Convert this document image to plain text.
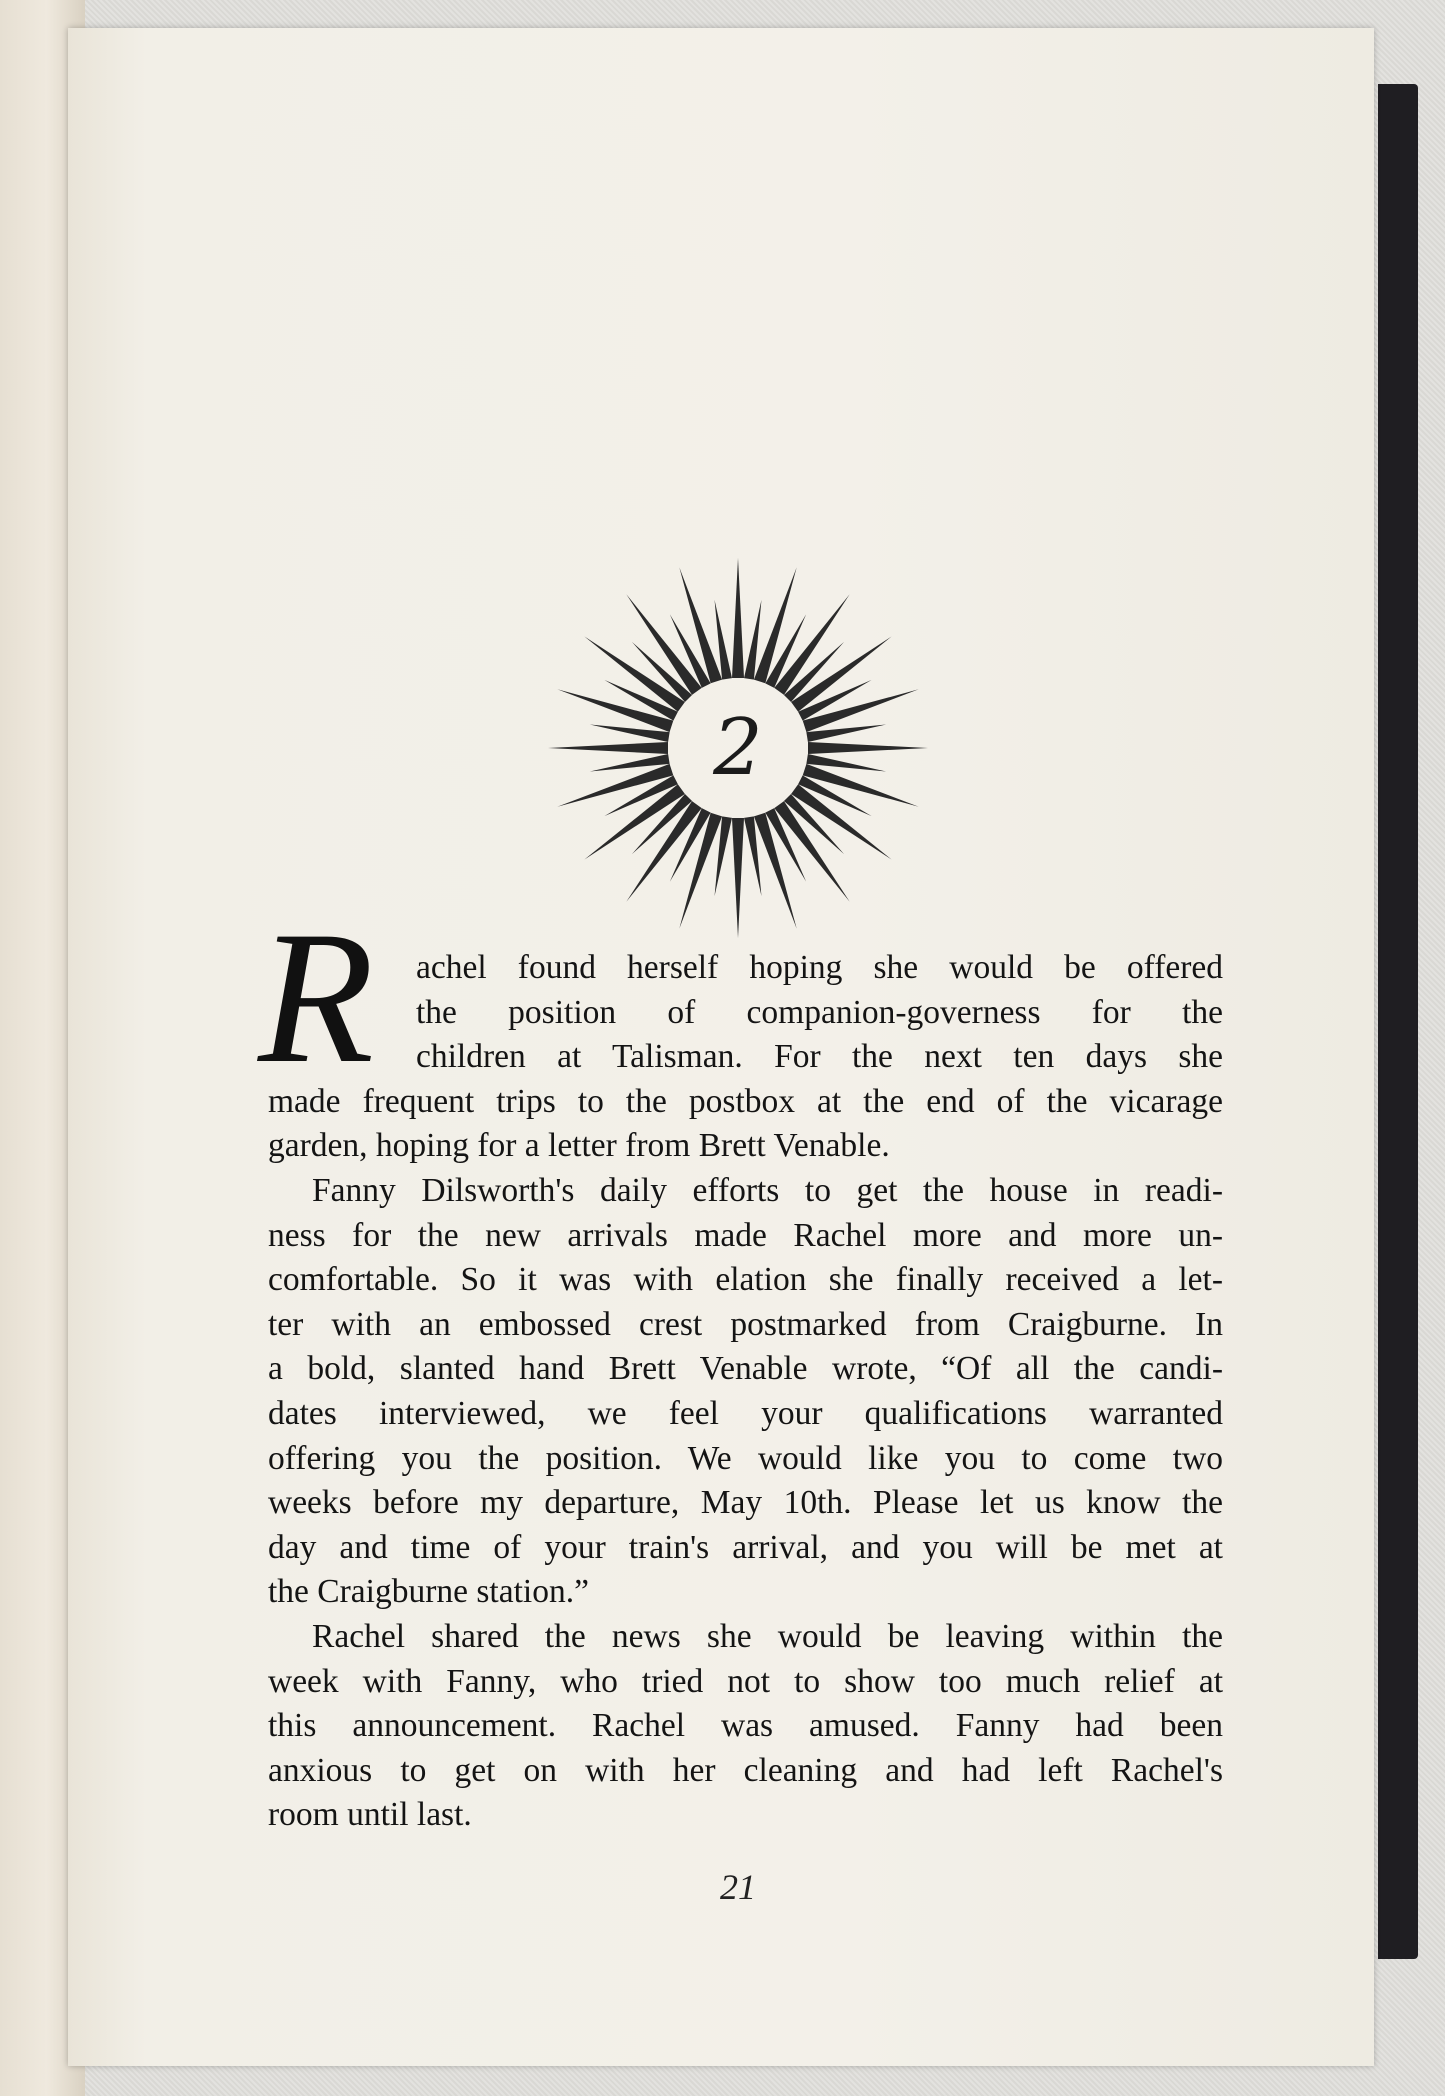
2
R	achel found herself hoping she would be offered
the position of companion-governess for the
children at Talisman. For the next ten days she
made frequent trips to the postbox at the end of the vicarage
garden, hoping for a letter from Brett Venable.
Fanny Dilsworth's daily efforts to get the house in readi-
ness for the new arrivals made Rachel more and more un-
comfortable. So it was with elation she finally received a let-
ter with an embossed crest postmarked from Craigburne. In
a bold, slanted hand Brett Venable wrote, “Of all the candi-
dates interviewed, we feel your qualifications warranted
offering you the position. We would like you to come two
weeks before my departure, May 10th. Please let us know the
day and time of your train's arrival, and you will be met at
the Craigburne station.”
Rachel shared the news she would be leaving within the
week with Fanny, who tried not to show too much relief at
this announcement. Rachel was amused. Fanny had been
anxious to get on with her cleaning and had left Rachel's
room until last.
21
